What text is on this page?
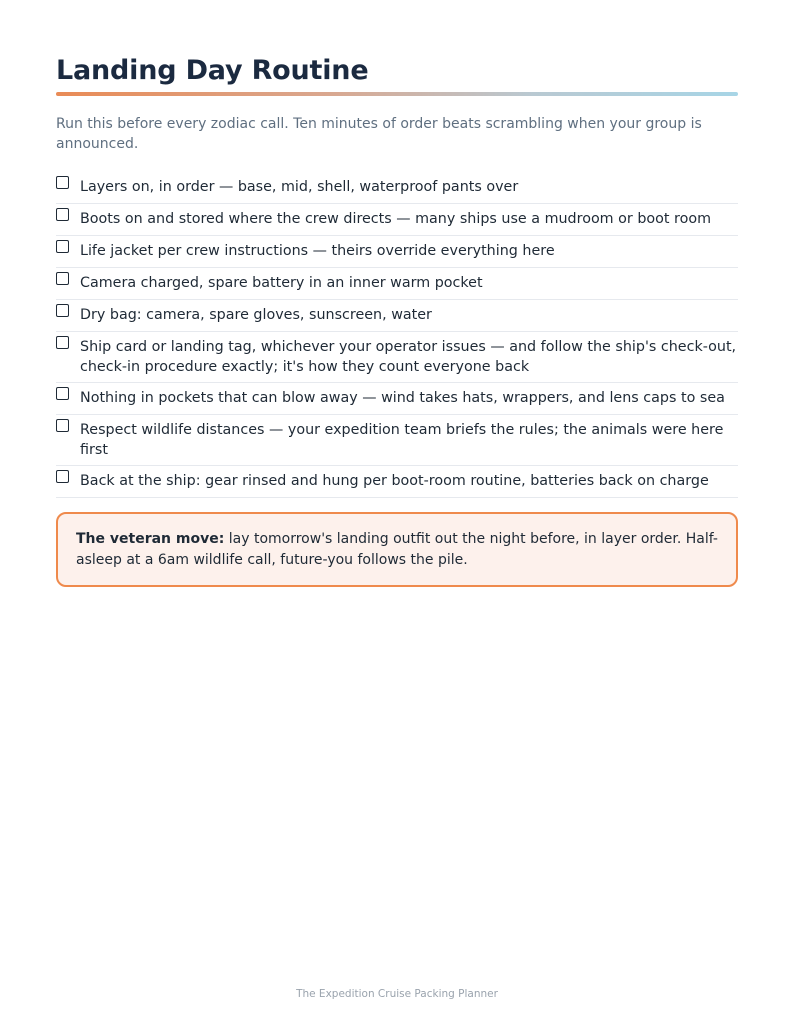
Landing Day Routine

Run this before every zodiac call. Ten minutes of order beats scrambling when your group is announced.

Layers on, in order — base, mid, shell, waterproof pants over
Boots on and stored where the crew directs — many ships use a mudroom or boot room
Life jacket per crew instructions — theirs override everything here
Camera charged, spare battery in an inner warm pocket
Dry bag: camera, spare gloves, sunscreen, water
Ship card or landing tag, whichever your operator issues — and follow the ship's check-out, check-in procedure exactly; it's how they count everyone back
Nothing in pockets that can blow away — wind takes hats, wrappers, and lens caps to sea
Respect wildlife distances — your expedition team briefs the rules; the animals were here first
Back at the ship: gear rinsed and hung per boot-room routine, batteries back on charge
The veteran move: lay tomorrow's landing outfit out the night before, in layer order. Half-asleep at a 6am wildlife call, future-you follows the pile.
The Expedition Cruise Packing Planner
